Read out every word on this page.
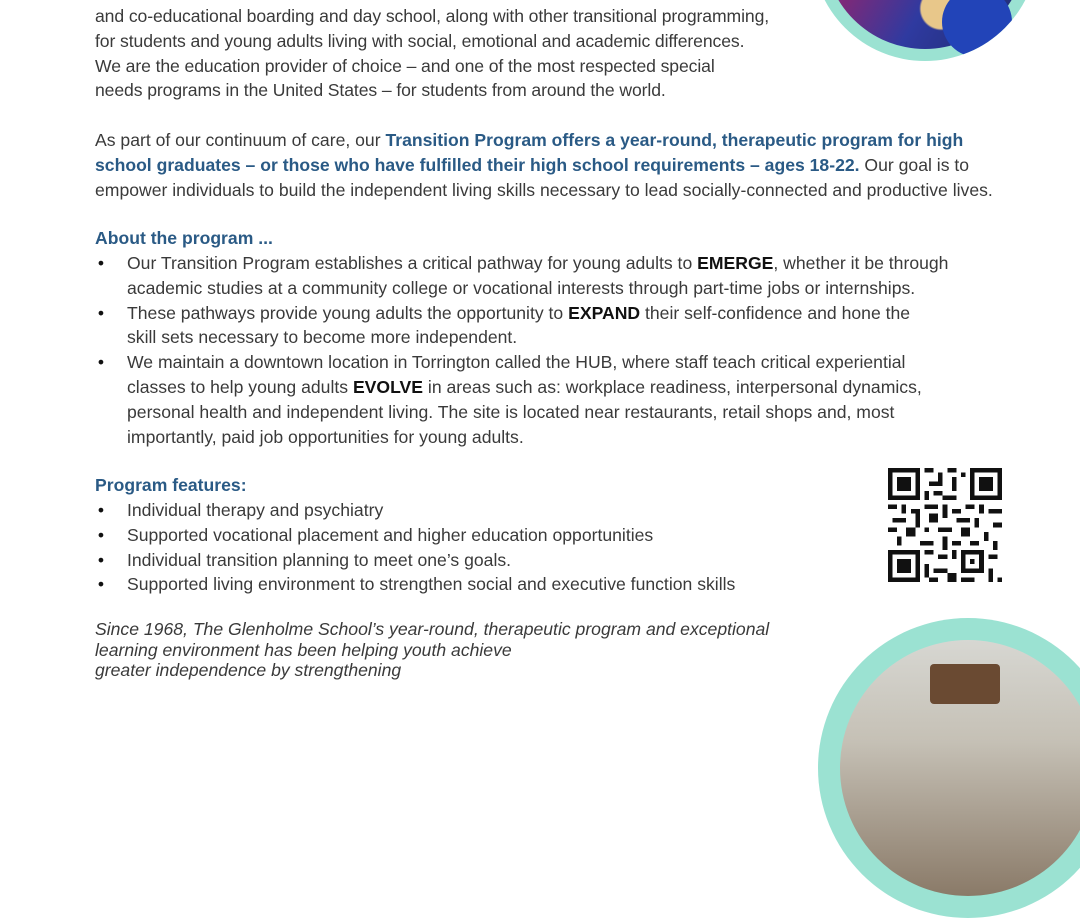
and co-educational boarding and day school, along with other transitional programming,
for students and young adults living with social, emotional and academic differences.
We are the education provider of choice – and one of the most respected special
needs programs in the United States – for students from around the world.
As part of our continuum of care, our Transition Program offers a year-round, therapeutic program for high
school graduates – or those who have fulfilled their high school requirements – ages 18-22. Our goal is to
empower individuals to build the independent living skills necessary to lead socially-connected and productive lives.
About the program ...
• Our Transition Program establishes a critical pathway for young adults to EMERGE, whether it be through
academic studies at a community college or vocational interests through part-time jobs or internships.
• These pathways provide young adults the opportunity to EXPAND their self-confidence and hone the
skill sets necessary to become more independent.
• We maintain a downtown location in Torrington called the HUB, where staff teach critical experiential
classes to help young adults EVOLVE in areas such as: workplace readiness, interpersonal dynamics,
personal health and independent living. The site is located near restaurants, retail shops and, most
importantly, paid job opportunities for young adults.
Program features:
• Individual therapy and psychiatry
• Supported vocational placement and higher education opportunities
• Individual transition planning to meet one’s goals.
• Supported living environment to strengthen social and executive function skills
Since 1968, The Glenholme School’s year-round, therapeutic program and exceptional
learning environment has been helping youth achieve
greater independence by strengthening
